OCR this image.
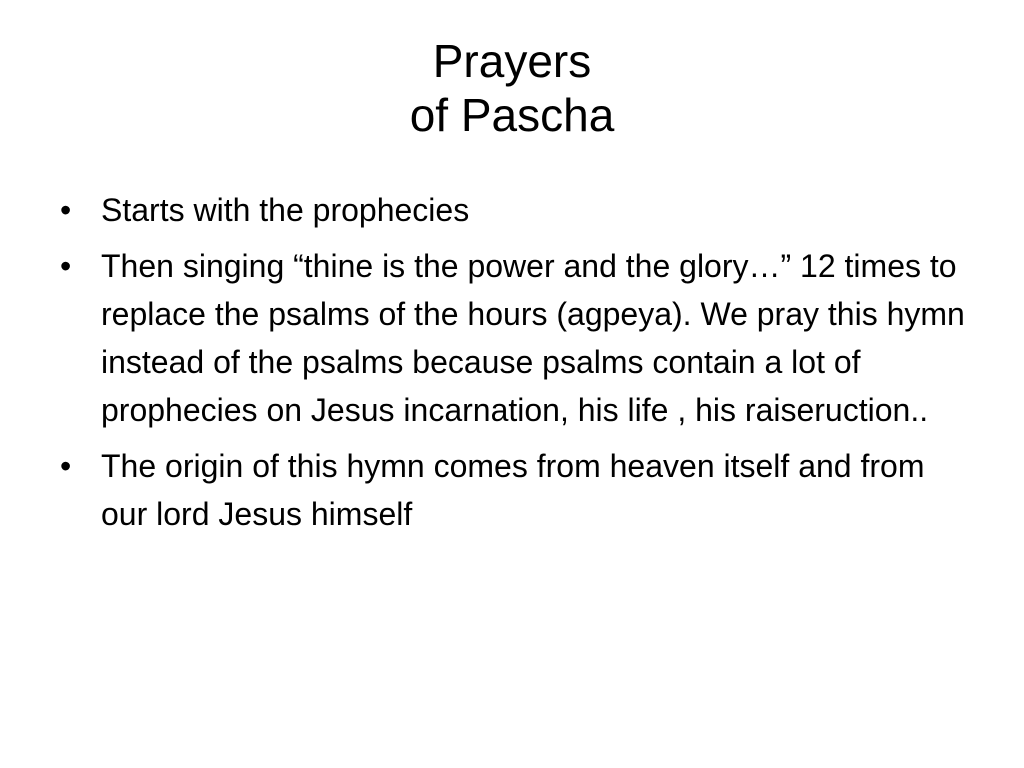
Prayers
of Pascha
• Starts with the prophecies
• Then singing “thine is the power and the glory…” 12 times to replace the psalms of the hours (agpeya). We pray this hymn instead of the psalms because psalms contain a lot of prophecies on Jesus incarnation, his life , his raiseruction..
• The origin of this hymn comes from heaven itself and from our lord Jesus himself
